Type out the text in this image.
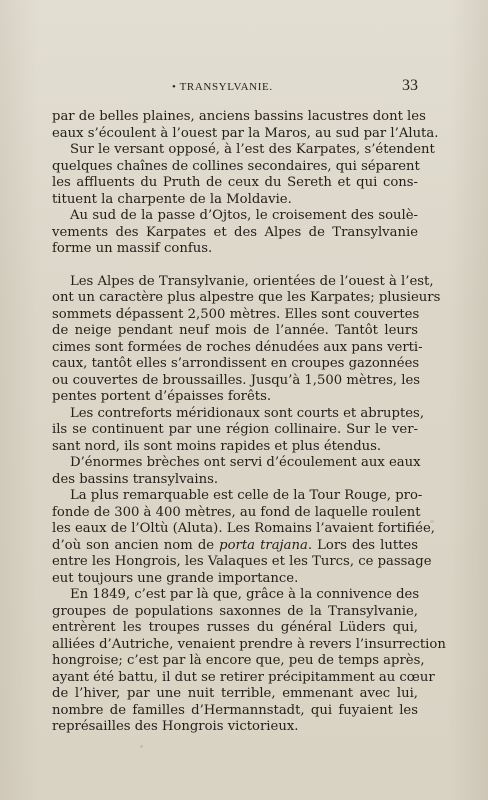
• TRANSYLVANIE.	33
par de belles plaines, anciens bassins lacustres dont les
eaux s’écoulent à l’ouest par la Maros, au sud par l’Aluta.
Sur le versant opposé, à l’est des Karpates, s’étendent
quelques chaînes de collines secondaires, qui séparent
les affluents du Pruth de ceux du Sereth et qui cons-
tituent la charpente de la Moldavie.
Au sud de la passe d’Ojtos, le croisement des soulè-
vements des Karpates et des Alpes de Transylvanie
forme un massif confus.
Les Alpes de Transylvanie, orientées de l’ouest à l’est,
ont un caractère plus alpestre que les Karpates; plusieurs
sommets dépassent 2,500 mètres. Elles sont couvertes
de neige pendant neuf mois de l’année. Tantôt leurs
cimes sont formées de roches dénudées aux pans verti-
caux, tantôt elles s’arrondissent en croupes gazonnées
ou couvertes de broussailles. Jusqu’à 1,500 mètres, les
pentes portent d’épaisses forêts.
Les contreforts méridionaux sont courts et abruptes,
ils se continuent par une région collinaire. Sur le ver-
sant nord, ils sont moins rapides et plus étendus.
D’énormes brèches ont servi d’écoulement aux eaux
des bassins transylvains.
La plus remarquable est celle de la Tour Rouge, pro-
fonde de 300 à 400 mètres, au fond de laquelle roulent
les eaux de l’Oltù (Aluta). Les Romains l’avaient fortifiée,
d’où son ancien nom de porta trajana. Lors des luttes
entre les Hongrois, les Valaques et les Turcs, ce passage
eut toujours une grande importance.
En 1849, c’est par là que, grâce à la connivence des
groupes de populations saxonnes de la Transylvanie,
entrèrent les troupes russes du général Lüders qui,
alliées d’Autriche, venaient prendre à revers l’insurrection
hongroise; c’est par là encore que, peu de temps après,
ayant été battu, il dut se retirer précipitamment au cœur
de l’hiver, par une nuit terrible, emmenant avec lui,
nombre de familles d’Hermannstadt, qui fuyaient les
représailles des Hongrois victorieux.
